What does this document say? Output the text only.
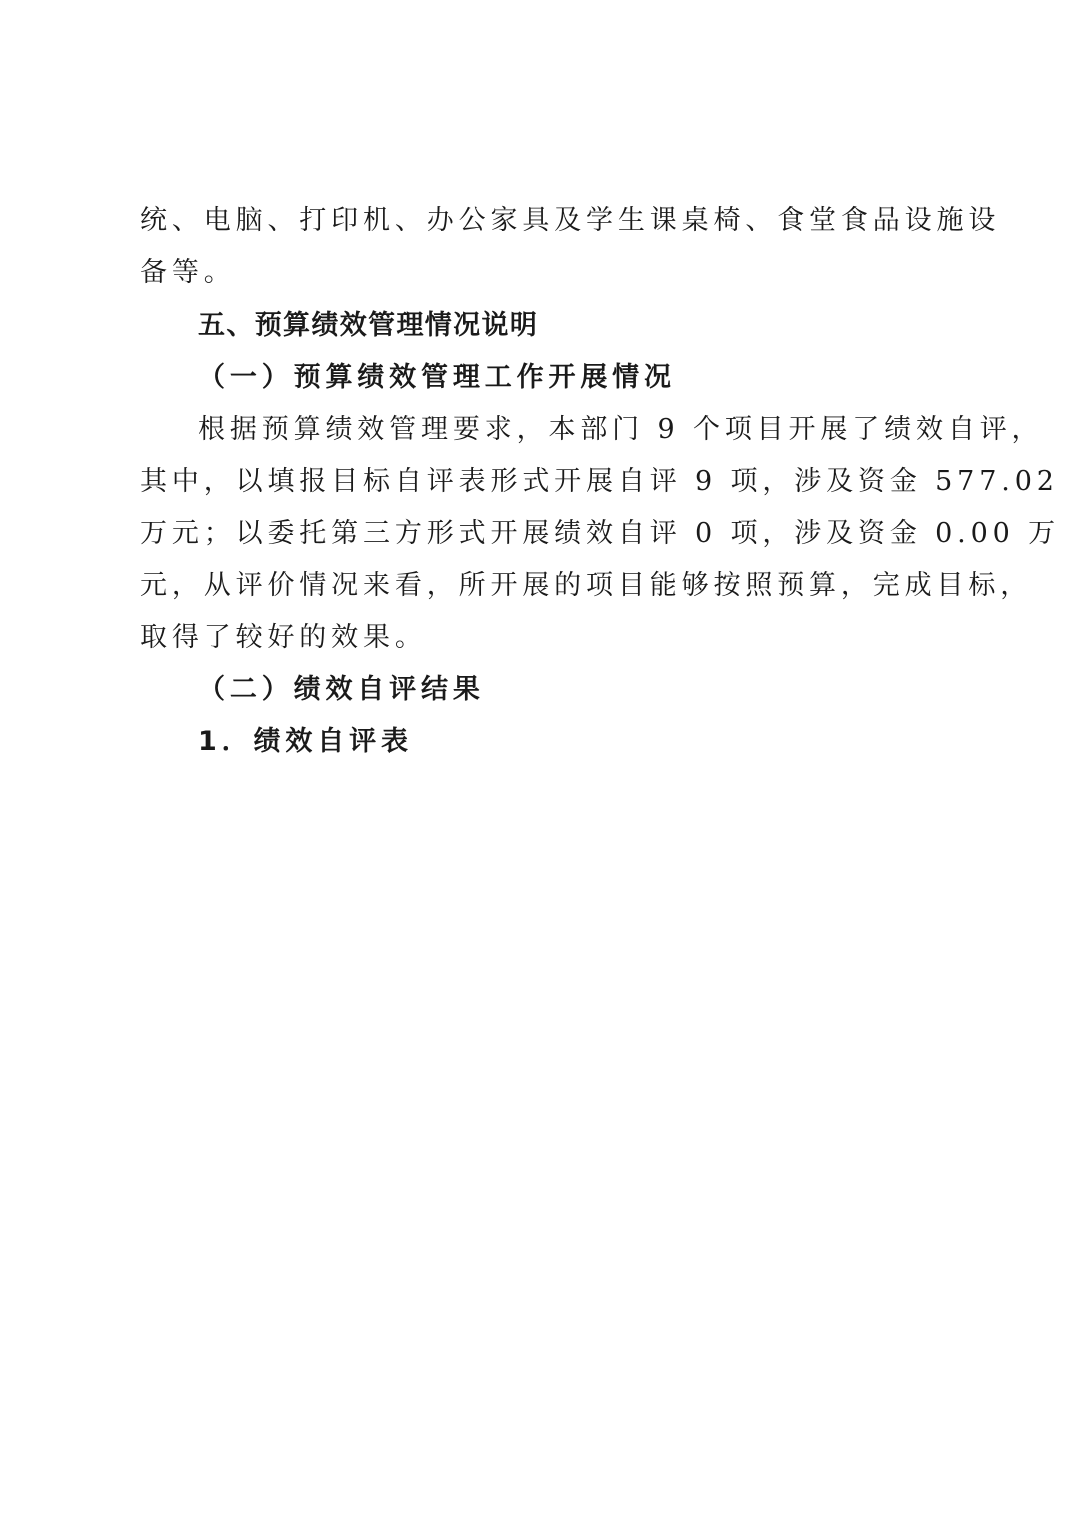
统、电脑、打印机、办公家具及学生课桌椅、食堂食品设施设
备等。
五、预算绩效管理情况说明
（一）预算绩效管理工作开展情况
根据预算绩效管理要求，本部门 9 个项目开展了绩效自评，
其中，以填报目标自评表形式开展自评 9 项，涉及资金 577.02
万元；以委托第三方形式开展绩效自评 0 项，涉及资金 0.00 万
元，从评价情况来看，所开展的项目能够按照预算，完成目标，
取得了较好的效果。
（二）绩效自评结果
1．绩效自评表
